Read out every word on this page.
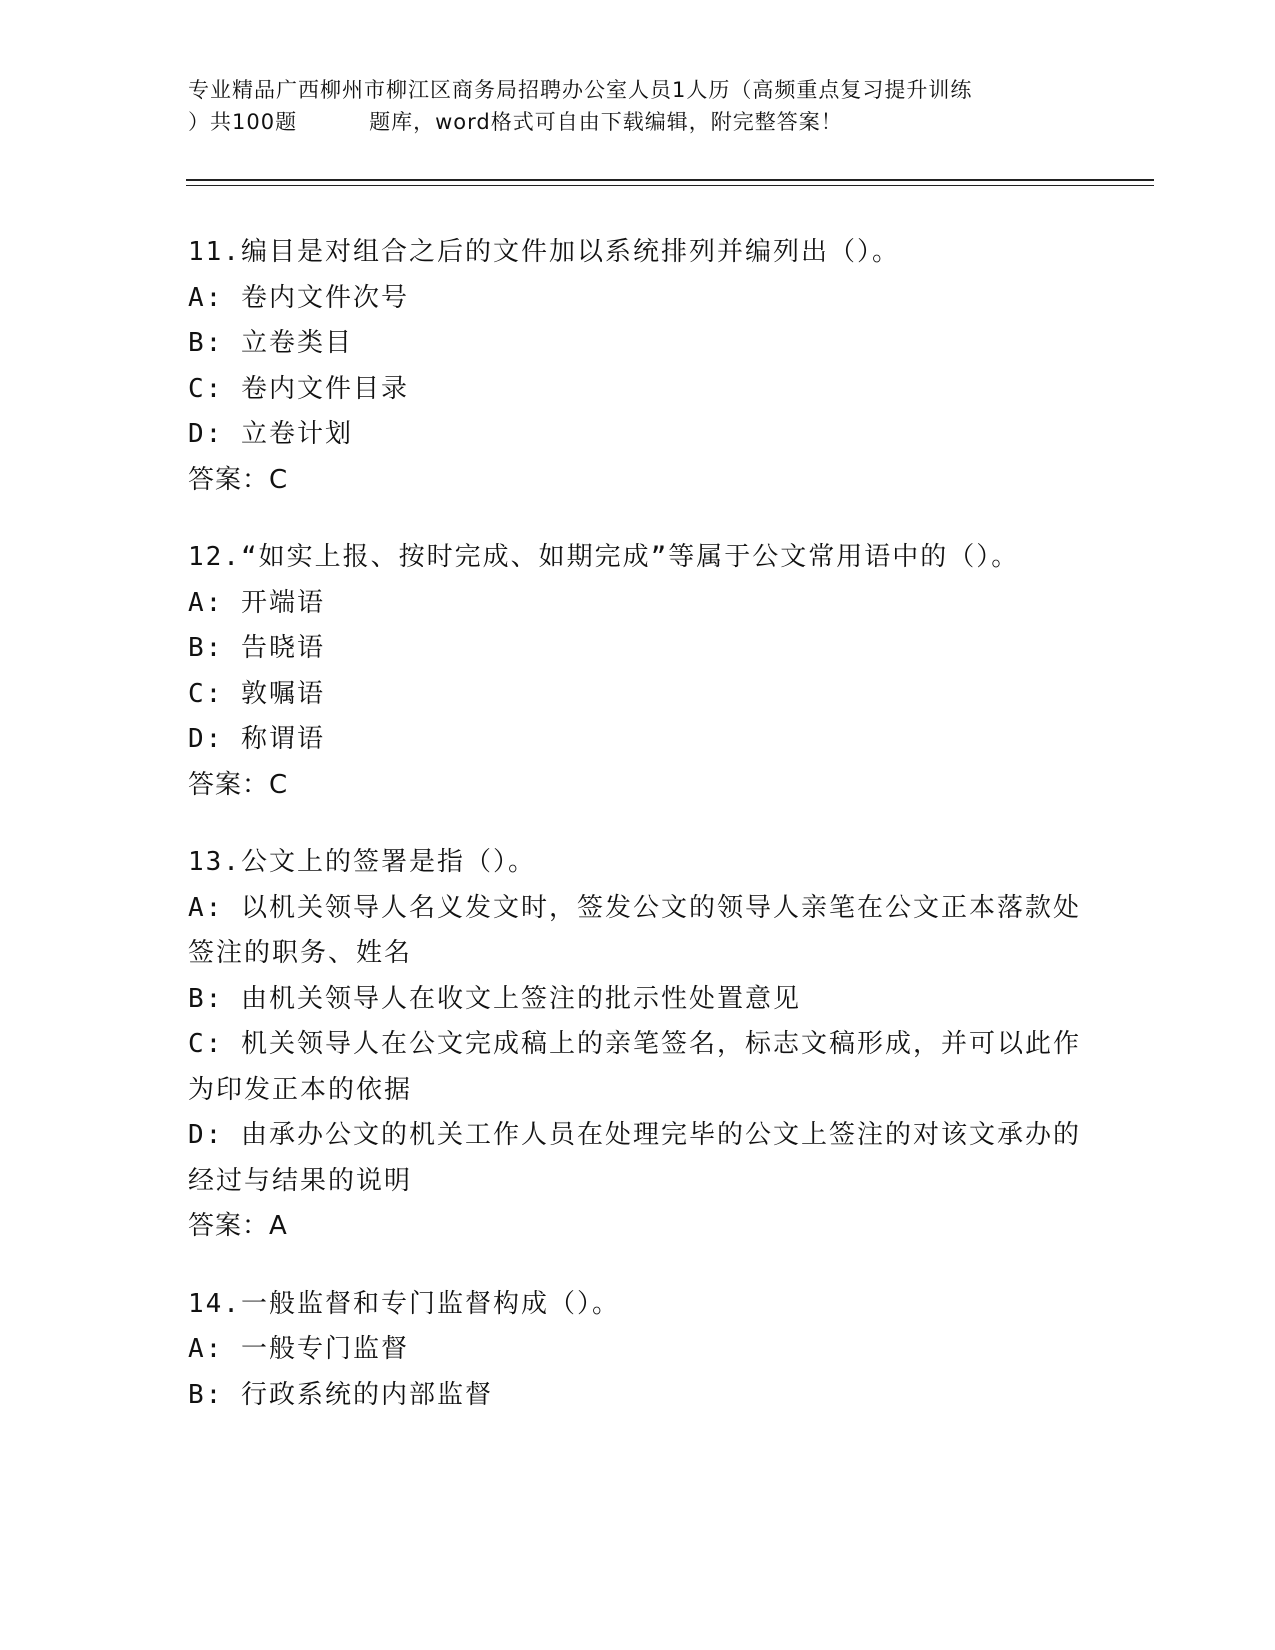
专业精品广西柳州市柳江区商务局招聘办公室人员1人历（高频重点复习提升训练
）共100题	题库，word格式可自由下载编辑，附完整答案！
11.编目是对组合之后的文件加以系统排列并编列出（）。
A: 卷内文件次号
B: 立卷类目
C: 卷内文件目录
D: 立卷计划
答案：C
12.“如实上报、按时完成、如期完成”等属于公文常用语中的（）。
A: 开端语
B: 告晓语
C: 敦嘱语
D: 称谓语
答案：C
13.公文上的签署是指（）。
A: 以机关领导人名义发文时，签发公文的领导人亲笔在公文正本落款处签注的职务、姓名
B: 由机关领导人在收文上签注的批示性处置意见
C: 机关领导人在公文完成稿上的亲笔签名，标志文稿形成，并可以此作为印发正本的依据
D: 由承办公文的机关工作人员在处理完毕的公文上签注的对该文承办的经过与结果的说明
答案：A
14.一般监督和专门监督构成（）。
A: 一般专门监督
B: 行政系统的内部监督
